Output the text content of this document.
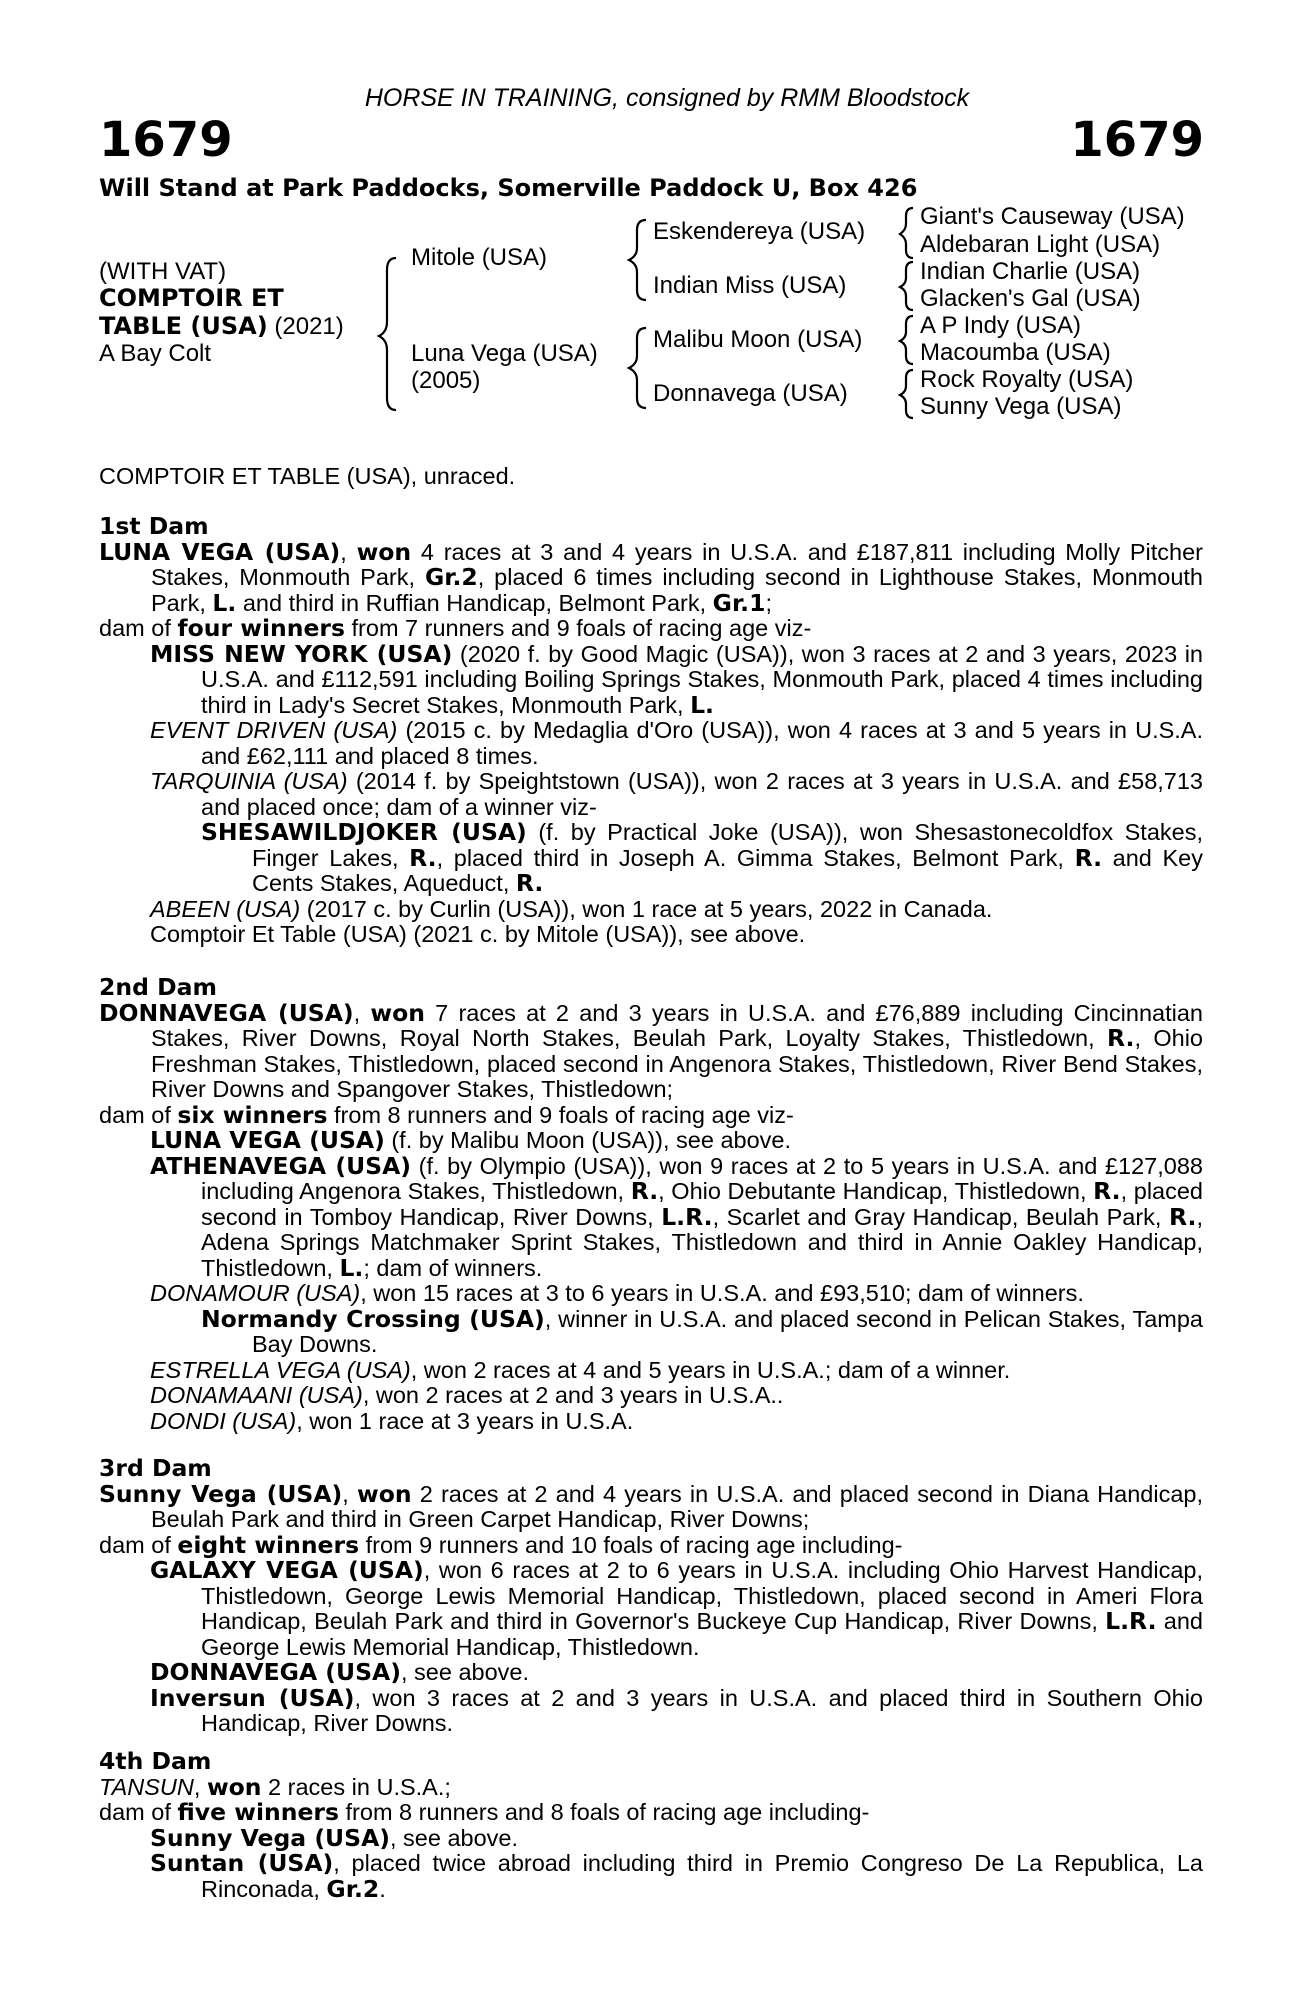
HORSE IN TRAINING, consigned by RMM Bloodstock
1679	1679
Will Stand at Park Paddocks, Somerville Paddock U, Box 426
(WITH VAT)
COMPTOIR ET
TABLE (USA) (2021)
A Bay Colt
Mitole (USA)
Luna Vega (USA)
(2005)
Eskendereya (USA)
Indian Miss (USA)
Malibu Moon (USA)
Donnavega (USA)
Giant's Causeway (USA)
Aldebaran Light (USA)
Indian Charlie (USA)
Glacken's Gal (USA)
A P Indy (USA)
Macoumba (USA)
Rock Royalty (USA)
Sunny Vega (USA)
COMPTOIR ET TABLE (USA), unraced.

1st Dam

LUNA VEGA (USA), won 4 races at 3 and 4 years in U.S.A. and £187,811 including Molly Pitcher Stakes, Monmouth Park, Gr.2, placed 6 times including second in Lighthouse Stakes, Monmouth Park, L. and third in Ruffian Handicap, Belmont Park, Gr.1;

dam of four winners from 7 runners and 9 foals of racing age viz-

MISS NEW YORK (USA) (2020 f. by Good Magic (USA)), won 3 races at 2 and 3 years, 2023 in U.S.A. and £112,591 including Boiling Springs Stakes, Monmouth Park, placed 4 times including third in Lady's Secret Stakes, Monmouth Park, L.

EVENT DRIVEN (USA) (2015 c. by Medaglia d'Oro (USA)), won 4 races at 3 and 5 years in U.S.A. and £62,111 and placed 8 times.

TARQUINIA (USA) (2014 f. by Speightstown (USA)), won 2 races at 3 years in U.S.A. and £58,713 and placed once; dam of a winner viz-

SHESAWILDJOKER (USA) (f. by Practical Joke (USA)), won Shesastonecoldfox Stakes, Finger Lakes, R., placed third in Joseph A. Gimma Stakes, Belmont Park, R. and Key Cents Stakes, Aqueduct, R.

ABEEN (USA) (2017 c. by Curlin (USA)), won 1 race at 5 years, 2022 in Canada.

Comptoir Et Table (USA) (2021 c. by Mitole (USA)), see above.

2nd Dam

DONNAVEGA (USA), won 7 races at 2 and 3 years in U.S.A. and £76,889 including Cincinnatian Stakes, River Downs, Royal North Stakes, Beulah Park, Loyalty Stakes, Thistledown, R., Ohio Freshman Stakes, Thistledown, placed second in Angenora Stakes, Thistledown, River Bend Stakes, River Downs and Spangover Stakes, Thistledown;

dam of six winners from 8 runners and 9 foals of racing age viz-

LUNA VEGA (USA) (f. by Malibu Moon (USA)), see above.

ATHENAVEGA (USA) (f. by Olympio (USA)), won 9 races at 2 to 5 years in U.S.A. and £127,088 including Angenora Stakes, Thistledown, R., Ohio Debutante Handicap, Thistledown, R., placed second in Tomboy Handicap, River Downs, L.R., Scarlet and Gray Handicap, Beulah Park, R., Adena Springs Matchmaker Sprint Stakes, Thistledown and third in Annie Oakley Handicap, Thistledown, L.; dam of winners.

DONAMOUR (USA), won 15 races at 3 to 6 years in U.S.A. and £93,510; dam of winners.

Normandy Crossing (USA), winner in U.S.A. and placed second in Pelican Stakes, Tampa Bay Downs.

ESTRELLA VEGA (USA), won 2 races at 4 and 5 years in U.S.A.; dam of a winner.

DONAMAANI (USA), won 2 races at 2 and 3 years in U.S.A..

DONDI (USA), won 1 race at 3 years in U.S.A.

3rd Dam

Sunny Vega (USA), won 2 races at 2 and 4 years in U.S.A. and placed second in Diana Handicap, Beulah Park and third in Green Carpet Handicap, River Downs;

dam of eight winners from 9 runners and 10 foals of racing age including-

GALAXY VEGA (USA), won 6 races at 2 to 6 years in U.S.A. including Ohio Harvest Handicap, Thistledown, George Lewis Memorial Handicap, Thistledown, placed second in Ameri Flora Handicap, Beulah Park and third in Governor's Buckeye Cup Handicap, River Downs, L.R. and George Lewis Memorial Handicap, Thistledown.

DONNAVEGA (USA), see above.

Inversun (USA), won 3 races at 2 and 3 years in U.S.A. and placed third in Southern Ohio Handicap, River Downs.

4th Dam

TANSUN, won 2 races in U.S.A.;

dam of five winners from 8 runners and 8 foals of racing age including-

Sunny Vega (USA), see above.

Suntan (USA), placed twice abroad including third in Premio Congreso De La Republica, La Rinconada, Gr.2.
